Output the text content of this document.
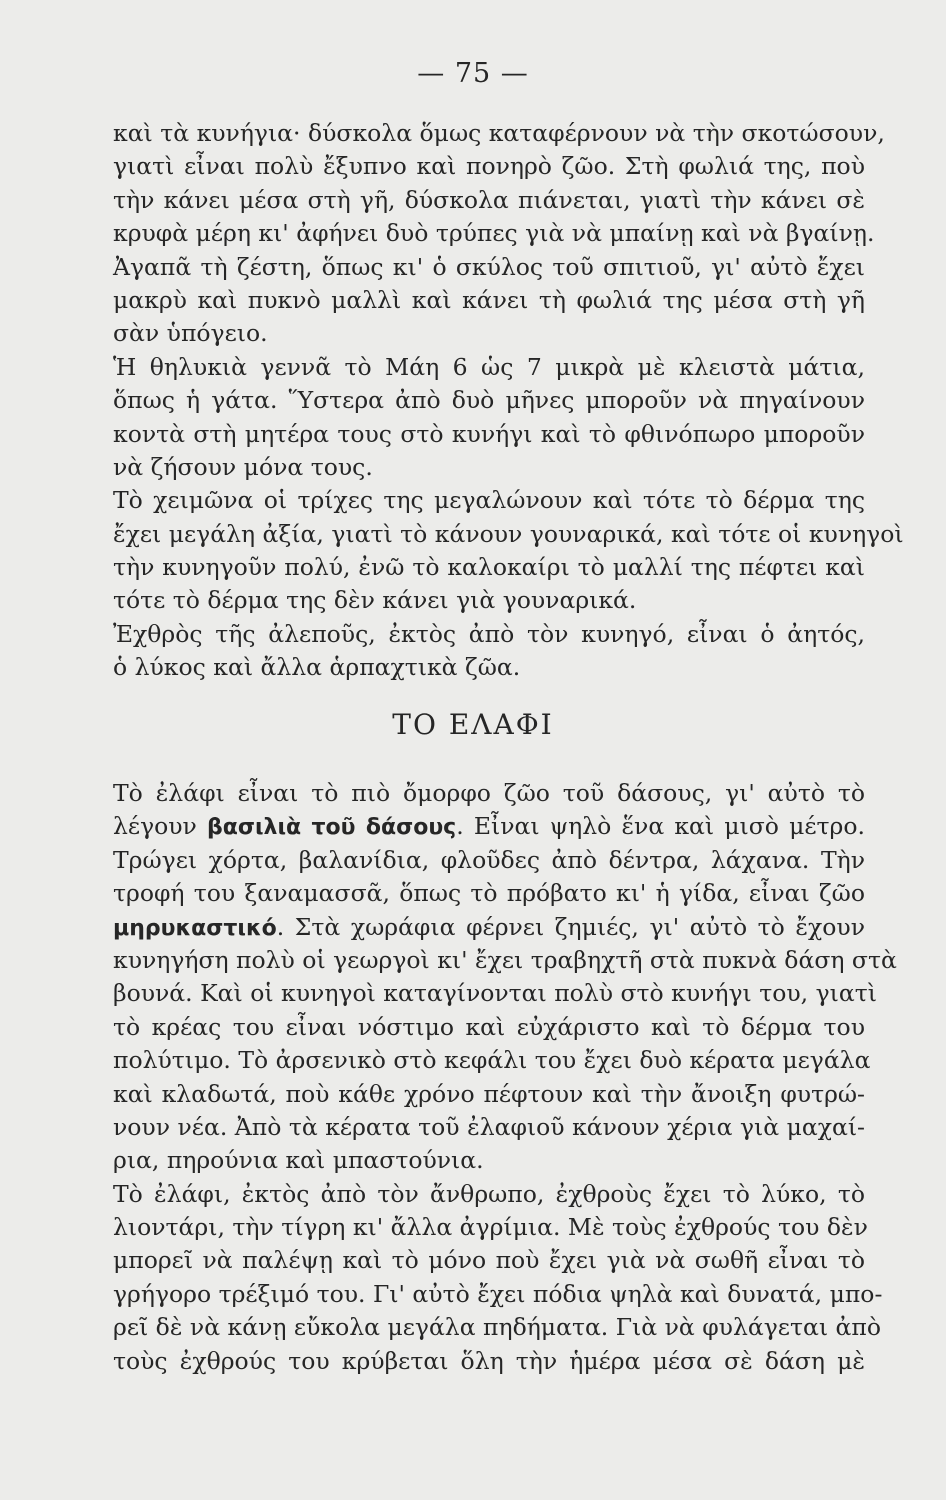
— 75 —
καὶ τὰ κυνήγια· δύσκολα ὅμως καταφέρνουν νὰ τὴν σκοτώσουν,
γιατὶ εἶναι πολὺ ἔξυπνο καὶ πονηρὸ ζῶο. Στὴ φωλιά της, ποὺ
τὴν κάνει μέσα στὴ γῆ, δύσκολα πιάνεται, γιατὶ τὴν κάνει σὲ
κρυφὰ μέρη κι' ἀφήνει δυὸ τρύπες γιὰ νὰ μπαίνῃ καὶ νὰ βγαίνῃ.
Ἀγαπᾶ τὴ ζέστη, ὅπως κι' ὁ σκύλος τοῦ σπιτιοῦ, γι' αὐτὸ ἔχει
μακρὺ καὶ πυκνὸ μαλλὶ καὶ κάνει τὴ φωλιά της μέσα στὴ γῆ
σὰν ὑπόγειο.
Ἡ θηλυκιὰ γεννᾶ τὸ Μάη 6 ὡς 7 μικρὰ μὲ κλειστὰ μάτια,
ὅπως ἡ γάτα. Ὕστερα ἀπὸ δυὸ μῆνες μποροῦν νὰ πηγαίνουν
κοντὰ στὴ μητέρα τους στὸ κυνήγι καὶ τὸ φθινόπωρο μποροῦν
νὰ ζήσουν μόνα τους.
Τὸ χειμῶνα οἱ τρίχες της μεγαλώνουν καὶ τότε τὸ δέρμα της
ἔχει μεγάλη ἀξία, γιατὶ τὸ κάνουν γουναρικά, καὶ τότε οἱ κυνηγοὶ
τὴν κυνηγοῦν πολύ, ἐνῶ τὸ καλοκαίρι τὸ μαλλί της πέφτει καὶ
τότε τὸ δέρμα της δὲν κάνει γιὰ γουναρικά.
Ἐχθρὸς τῆς ἀλεποῦς, ἐκτὸς ἀπὸ τὸν κυνηγό, εἶναι ὁ ἀητός,
ὁ λύκος καὶ ἄλλα ἁρπαχτικὰ ζῶα.
ΤΟ ΕΛΑΦΙ
Τὸ ἐλάφι εἶναι τὸ πιὸ ὄμορφο ζῶο τοῦ δάσους, γι' αὐτὸ τὸ
λέγουν βασιλιὰ τοῦ δάσους. Εἶναι ψηλὸ ἕνα καὶ μισὸ μέτρο.
Τρώγει χόρτα, βαλανίδια, φλοῦδες ἀπὸ δέντρα, λάχανα. Τὴν
τροφή του ξαναμασσᾶ, ὅπως τὸ πρόβατο κι' ἡ γίδα, εἶναι ζῶο
μηρυκαστικό. Στὰ χωράφια φέρνει ζημιές, γι' αὐτὸ τὸ ἔχουν
κυνηγήση πολὺ οἱ γεωργοὶ κι' ἔχει τραβηχτῆ στὰ πυκνὰ δάση στὰ
βουνά. Καὶ οἱ κυνηγοὶ καταγίνονται πολὺ στὸ κυνήγι του, γιατὶ
τὸ κρέας του εἶναι νόστιμο καὶ εὐχάριστο καὶ τὸ δέρμα του
πολύτιμο. Τὸ ἀρσενικὸ στὸ κεφάλι του ἔχει δυὸ κέρατα μεγάλα
καὶ κλαδωτά, ποὺ κάθε χρόνο πέφτουν καὶ τὴν ἄνοιξη φυτρώ-
νουν νέα. Ἀπὸ τὰ κέρατα τοῦ ἐλαφιοῦ κάνουν χέρια γιὰ μαχαί-
ρια, πηρούνια καὶ μπαστούνια.
Τὸ ἐλάφι, ἐκτὸς ἀπὸ τὸν ἄνθρωπο, ἐχθροὺς ἔχει τὸ λύκο, τὸ
λιοντάρι, τὴν τίγρη κι' ἄλλα ἀγρίμια. Μὲ τοὺς ἐχθρούς του δὲν
μπορεῖ νὰ παλέψῃ καὶ τὸ μόνο ποὺ ἔχει γιὰ νὰ σωθῆ εἶναι τὸ
γρήγορο τρέξιμό του. Γι' αὐτὸ ἔχει πόδια ψηλὰ καὶ δυνατά, μπο-
ρεῖ δὲ νὰ κάνῃ εὔκολα μεγάλα πηδήματα. Γιὰ νὰ φυλάγεται ἀπὸ
τοὺς ἐχθρούς του κρύβεται ὅλη τὴν ἡμέρα μέσα σὲ δάση μὲ
